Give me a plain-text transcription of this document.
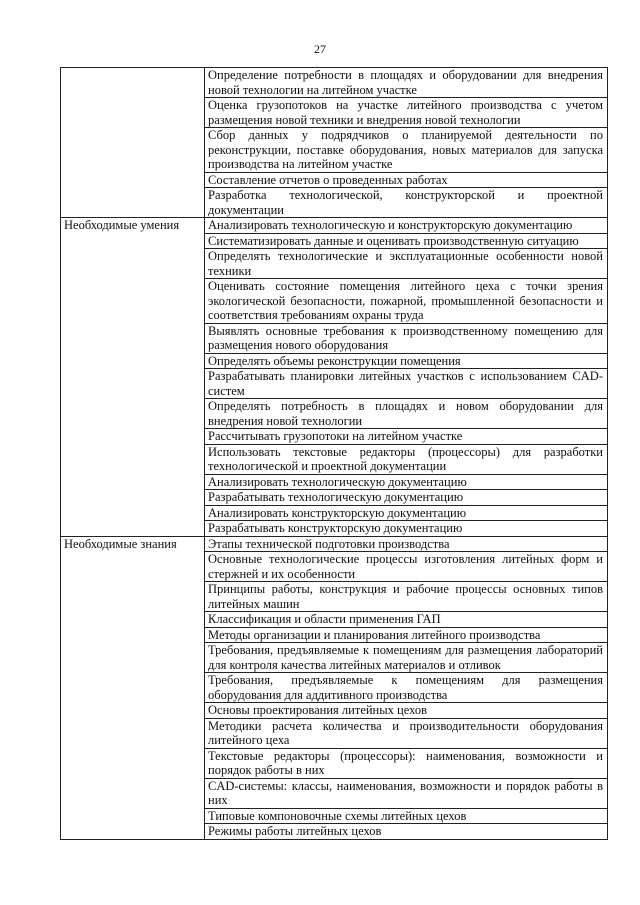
27
	Определение потребности в площадях и оборудовании для внедрения новой технологии на литейном участке
	Оценка грузопотоков на участке литейного производства с учетом размещения новой техники и внедрения новой технологии
	Сбор данных у подрядчиков о планируемой деятельности по реконструкции, поставке оборудования, новых материалов для запуска производства на литейном участке
	Составление отчетов о проведенных работах
	Разработка технологической, конструкторской и проектной документации
Необходимые умения	Анализировать технологическую и конструкторскую документацию
	Систематизировать данные и оценивать производственную ситуацию
	Определять технологические и эксплуатационные особенности новой техники
	Оценивать состояние помещения литейного цеха с точки зрения экологической безопасности, пожарной, промышленной безопасности и соответствия требованиям охраны труда
	Выявлять основные требования к производственному помещению для размещения нового оборудования
	Определять объемы реконструкции помещения
	Разрабатывать планировки литейных участков с использованием CAD-систем
	Определять потребность в площадях и новом оборудовании для внедрения новой технологии
	Рассчитывать грузопотоки на литейном участке
	Использовать текстовые редакторы (процессоры) для разработки технологической и проектной документации
	Анализировать технологическую документацию
	Разрабатывать технологическую документацию
	Анализировать конструкторскую документацию
	Разрабатывать конструкторскую документацию
Необходимые знания	Этапы технической подготовки производства
	Основные технологические процессы изготовления литейных форм и стержней и их особенности
	Принципы работы, конструкция и рабочие процессы основных типов литейных машин
	Классификация и области применения ГАП
	Методы организации и планирования литейного производства
	Требования, предъявляемые к помещениям для размещения лабораторий для контроля качества литейных материалов и отливок
	Требования, предъявляемые к помещениям для размещения оборудования для аддитивного производства
	Основы проектирования литейных цехов
	Методики расчета количества и производительности оборудования литейного цеха
	Текстовые редакторы (процессоры): наименования, возможности и порядок работы в них
	CAD-системы: классы, наименования, возможности и порядок работы в них
	Типовые компоновочные схемы литейных цехов
	Режимы работы литейных цехов
